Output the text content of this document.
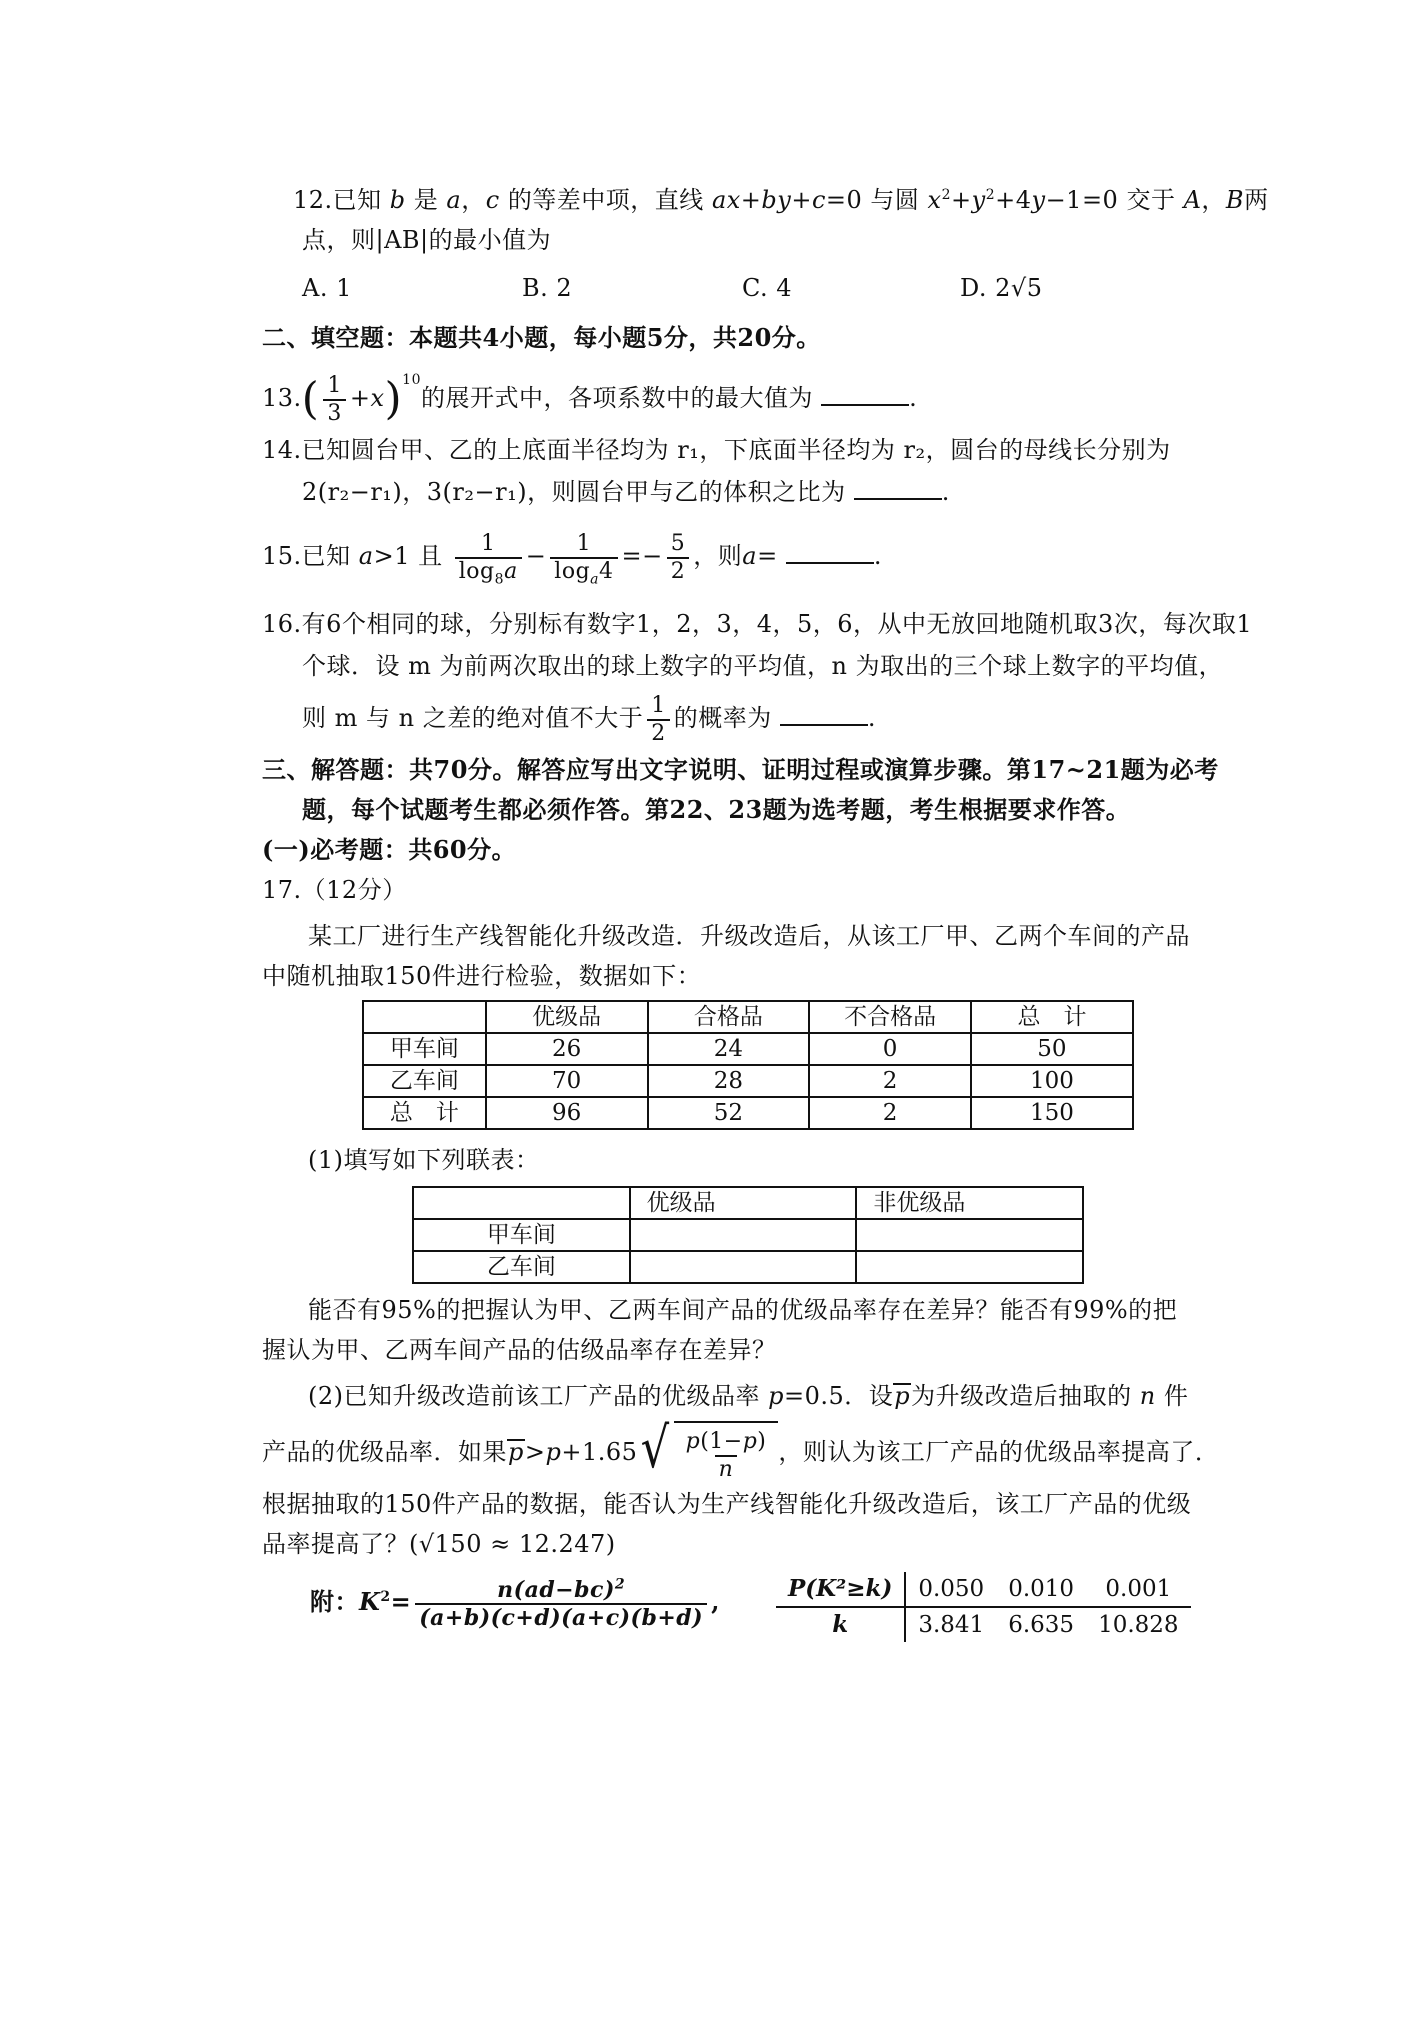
12.已知 b 是 a，c 的等差中项，直线 ax+by+c=0 与圆 $x^2+y^2+4y-1=0$ 交于 A，B两
点，则|AB|的最小值为
A. 1	B. 2	C. 4	D. 2√5
二、填空题：本题共4小题，每小题5分，共20分。
$13.( \frac{1}{3} +x)^{10}$的展开式中，各项系数中的最大值为	.
14.已知圆台甲、乙的上底面半径均为 r₁，下底面半径均为 r₂，圆台的母线长分别为
2(r₂−r₁)，3(r₂−r₁)，则圆台甲与乙的体积之比为	.
15.已知 a>1 且 $\frac{1}{\log_8a} - \frac{1}{\log_a4} =- \frac{5}{2}$ ，则a=	.
16.有6个相同的球，分别标有数字1，2，3，4，5，6，从中无放回地随机取3次，每次取1
个球．设 m 为前两次取出的球上数字的平均值，n 为取出的三个球上数字的平均值，
则 m 与 n 之差的绝对值不大于 $\frac{1}{2}$ 的概率为	.
三、解答题：共70分。解答应写出文字说明、证明过程或演算步骤。第17~21题为必考
题，每个试题考生都必须作答。第22、23题为选考题，考生根据要求作答。
(一)必考题：共60分。
17.（12分）
某工厂进行生产线智能化升级改造．升级改造后，从该工厂甲、乙两个车间的产品
中随机抽取150件进行检验，数据如下：
	优级品	合格品	不合格品	总　计
甲车间	26	24	0	50
乙车间	70	28	2	100
总　计	96	52	2	150
(1)填写如下列联表：
	优级品	非优级品
甲车间		
乙车间		
能否有95%的把握认为甲、乙两车间产品的优级品率存在差异？能否有99%的把
握认为甲、乙两车间产品的估级品率存在差异？
(2)已知升级改造前该工厂产品的优级品率 p=0.5．设p为升级改造后抽取的 n 件
产品的优级品率．如果p>p+1.65 √ $\frac{p(1-p)}{n}$ ，则认为该工厂产品的优级品率提高了．
根据抽取的150件产品的数据，能否认为生产线智能化升级改造后，该工厂产品的优级
品率提高了？(√150 ≈ 12.247)
附：$K^2= \frac{n(ad-bc)^2}{(a+b)(c+d)(a+c)(b+d)}$ ,	P(K²≥k)	0.050	0.010	0.001
k	3.841	6.635	10.828
